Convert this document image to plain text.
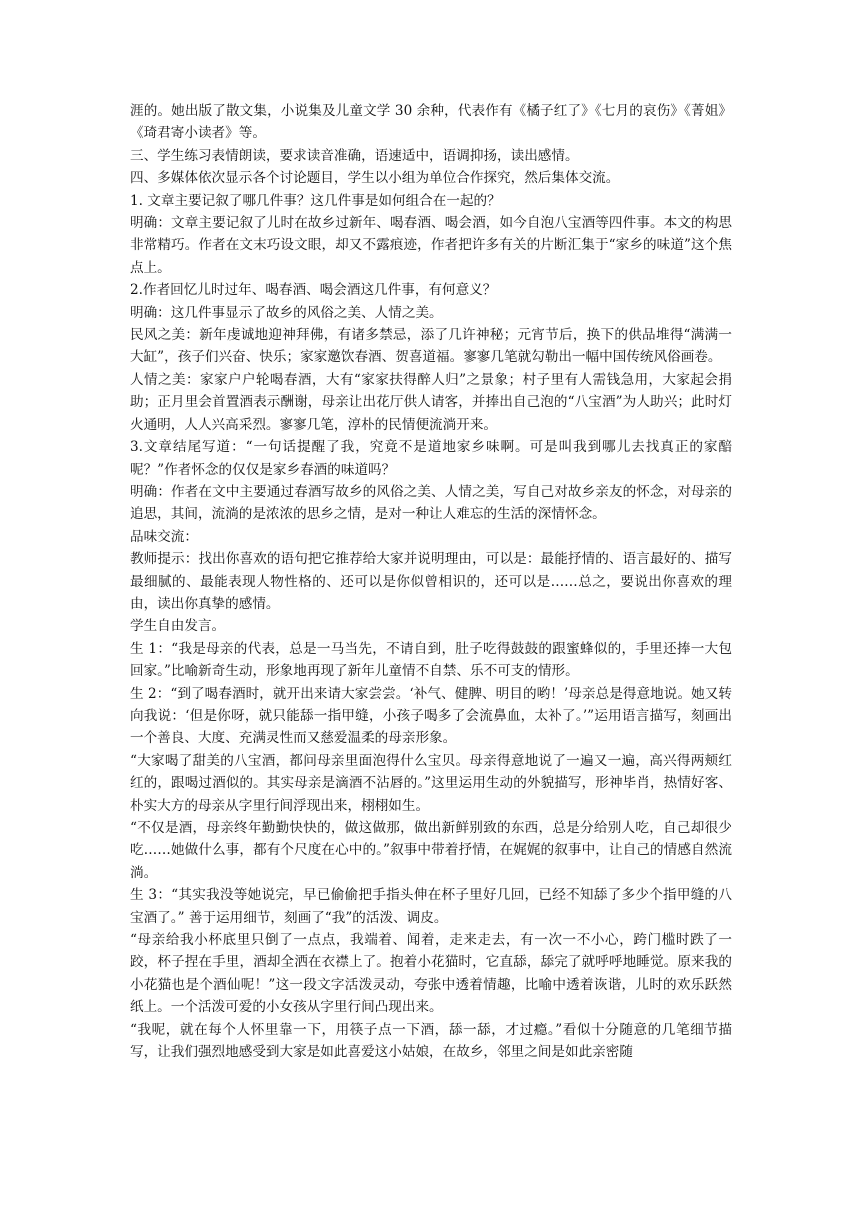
涯的。她出版了散文集，小说集及儿童文学 30 余种，代表作有《橘子红了》《七月的哀伤》《菁姐》《琦君寄小读者》等。

三、学生练习表情朗读，要求读音准确，语速适中，语调抑扬，读出感情。

四、多媒体依次显示各个讨论题目，学生以小组为单位合作探究，然后集体交流。

1. 文章主要记叙了哪几件事？这几件事是如何组合在一起的？

明确：文章主要记叙了儿时在故乡过新年、喝春酒、喝会酒，如今自泡八宝酒等四件事。本文的构思非常精巧。作者在文末巧设文眼，却又不露痕迹，作者把许多有关的片断汇集于“家乡的味道”这个焦点上。

2.作者回忆儿时过年、喝春酒、喝会酒这几件事，有何意义？

明确：这几件事显示了故乡的风俗之美、人情之美。

民风之美：新年虔诚地迎神拜佛，有诸多禁忌，添了几许神秘；元宵节后，换下的供品堆得“满满一大缸”，孩子们兴奋、快乐；家家邀饮春酒、贺喜道福。寥寥几笔就勾勒出一幅中国传统风俗画卷。

人情之美：家家户户轮喝春酒，大有“家家扶得醉人归”之景象；村子里有人需钱急用，大家起会捐助；正月里会首置酒表示酬谢，母亲让出花厅供人请客，并捧出自己泡的“八宝酒”为人助兴；此时灯火通明，人人兴高采烈。寥寥几笔，淳朴的民情便流淌开来。

3.文章结尾写道：“一句话提醒了我，究竟不是道地家乡味啊。可是叫我到哪儿去找真正的家醅呢？”作者怀念的仅仅是家乡春酒的味道吗？

明确：作者在文中主要通过春酒写故乡的风俗之美、人情之美，写自己对故乡亲友的怀念，对母亲的追思，其间，流淌的是浓浓的思乡之情，是对一种让人难忘的生活的深情怀念。

品味交流：

教师提示：找出你喜欢的语句把它推荐给大家并说明理由，可以是：最能抒情的、语言最好的、描写最细腻的、最能表现人物性格的、还可以是你似曾相识的，还可以是……总之，要说出你喜欢的理由，读出你真挚的感情。

学生自由发言。

生 1：“我是母亲的代表，总是一马当先，不请自到，肚子吃得鼓鼓的跟蜜蜂似的，手里还捧一大包回家。”比喻新奇生动，形象地再现了新年儿童情不自禁、乐不可支的情形。

生 2：“到了喝春酒时，就开出来请大家尝尝。‘补气、健脾、明目的哟！’母亲总是得意地说。她又转向我说：‘但是你呀，就只能舔一指甲缝，小孩子喝多了会流鼻血，太补了。’”运用语言描写，刻画出一个善良、大度、充满灵性而又慈爱温柔的母亲形象。

“大家喝了甜美的八宝酒，都问母亲里面泡得什么宝贝。母亲得意地说了一遍又一遍，高兴得两颊红红的，跟喝过酒似的。其实母亲是滴酒不沾唇的。”这里运用生动的外貌描写，形神毕肖，热情好客、朴实大方的母亲从字里行间浮现出来，栩栩如生。

“不仅是酒，母亲终年勤勤快快的，做这做那，做出新鲜别致的东西，总是分给别人吃，自己却很少吃……她做什么事，都有个尺度在心中的。”叙事中带着抒情，在娓娓的叙事中，让自己的情感自然流淌。

生 3：“其实我没等她说完，早已偷偷把手指头伸在杯子里好几回，已经不知舔了多少个指甲缝的八宝酒了。” 善于运用细节，刻画了“我”的活泼、调皮。

“母亲给我小杯底里只倒了一点点，我端着、闻着，走来走去，有一次一不小心，跨门槛时跌了一跤，杯子捏在手里，酒却全洒在衣襟上了。抱着小花猫时，它直舔，舔完了就呼呼地睡觉。原来我的小花猫也是个酒仙呢！”这一段文字活泼灵动，夸张中透着情趣，比喻中透着诙谐，儿时的欢乐跃然纸上。一个活泼可爱的小女孩从字里行间凸现出来。

“我呢，就在每个人怀里靠一下，用筷子点一下酒，舔一舔，才过瘾。”看似十分随意的几笔细节描写，让我们强烈地感受到大家是如此喜爱这小姑娘，在故乡，邻里之间是如此亲密随
